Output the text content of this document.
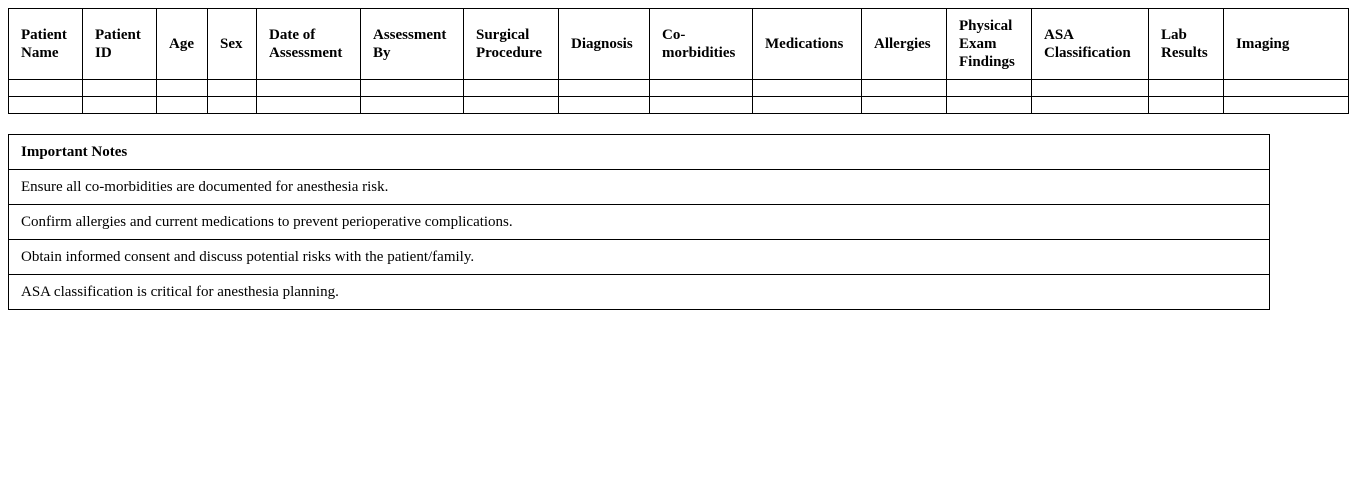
Patient Name	Patient ID	Age	Sex	Date of Assessment	Assessment By	Surgical Procedure	Diagnosis	Co-morbidities	Medications	Allergies	Physical Exam Findings	ASA Classification	Lab Results	Imaging

Important Notes
Ensure all co-morbidities are documented for anesthesia risk.
Confirm allergies and current medications to prevent perioperative complications.
Obtain informed consent and discuss potential risks with the patient/family.
ASA classification is critical for anesthesia planning.
